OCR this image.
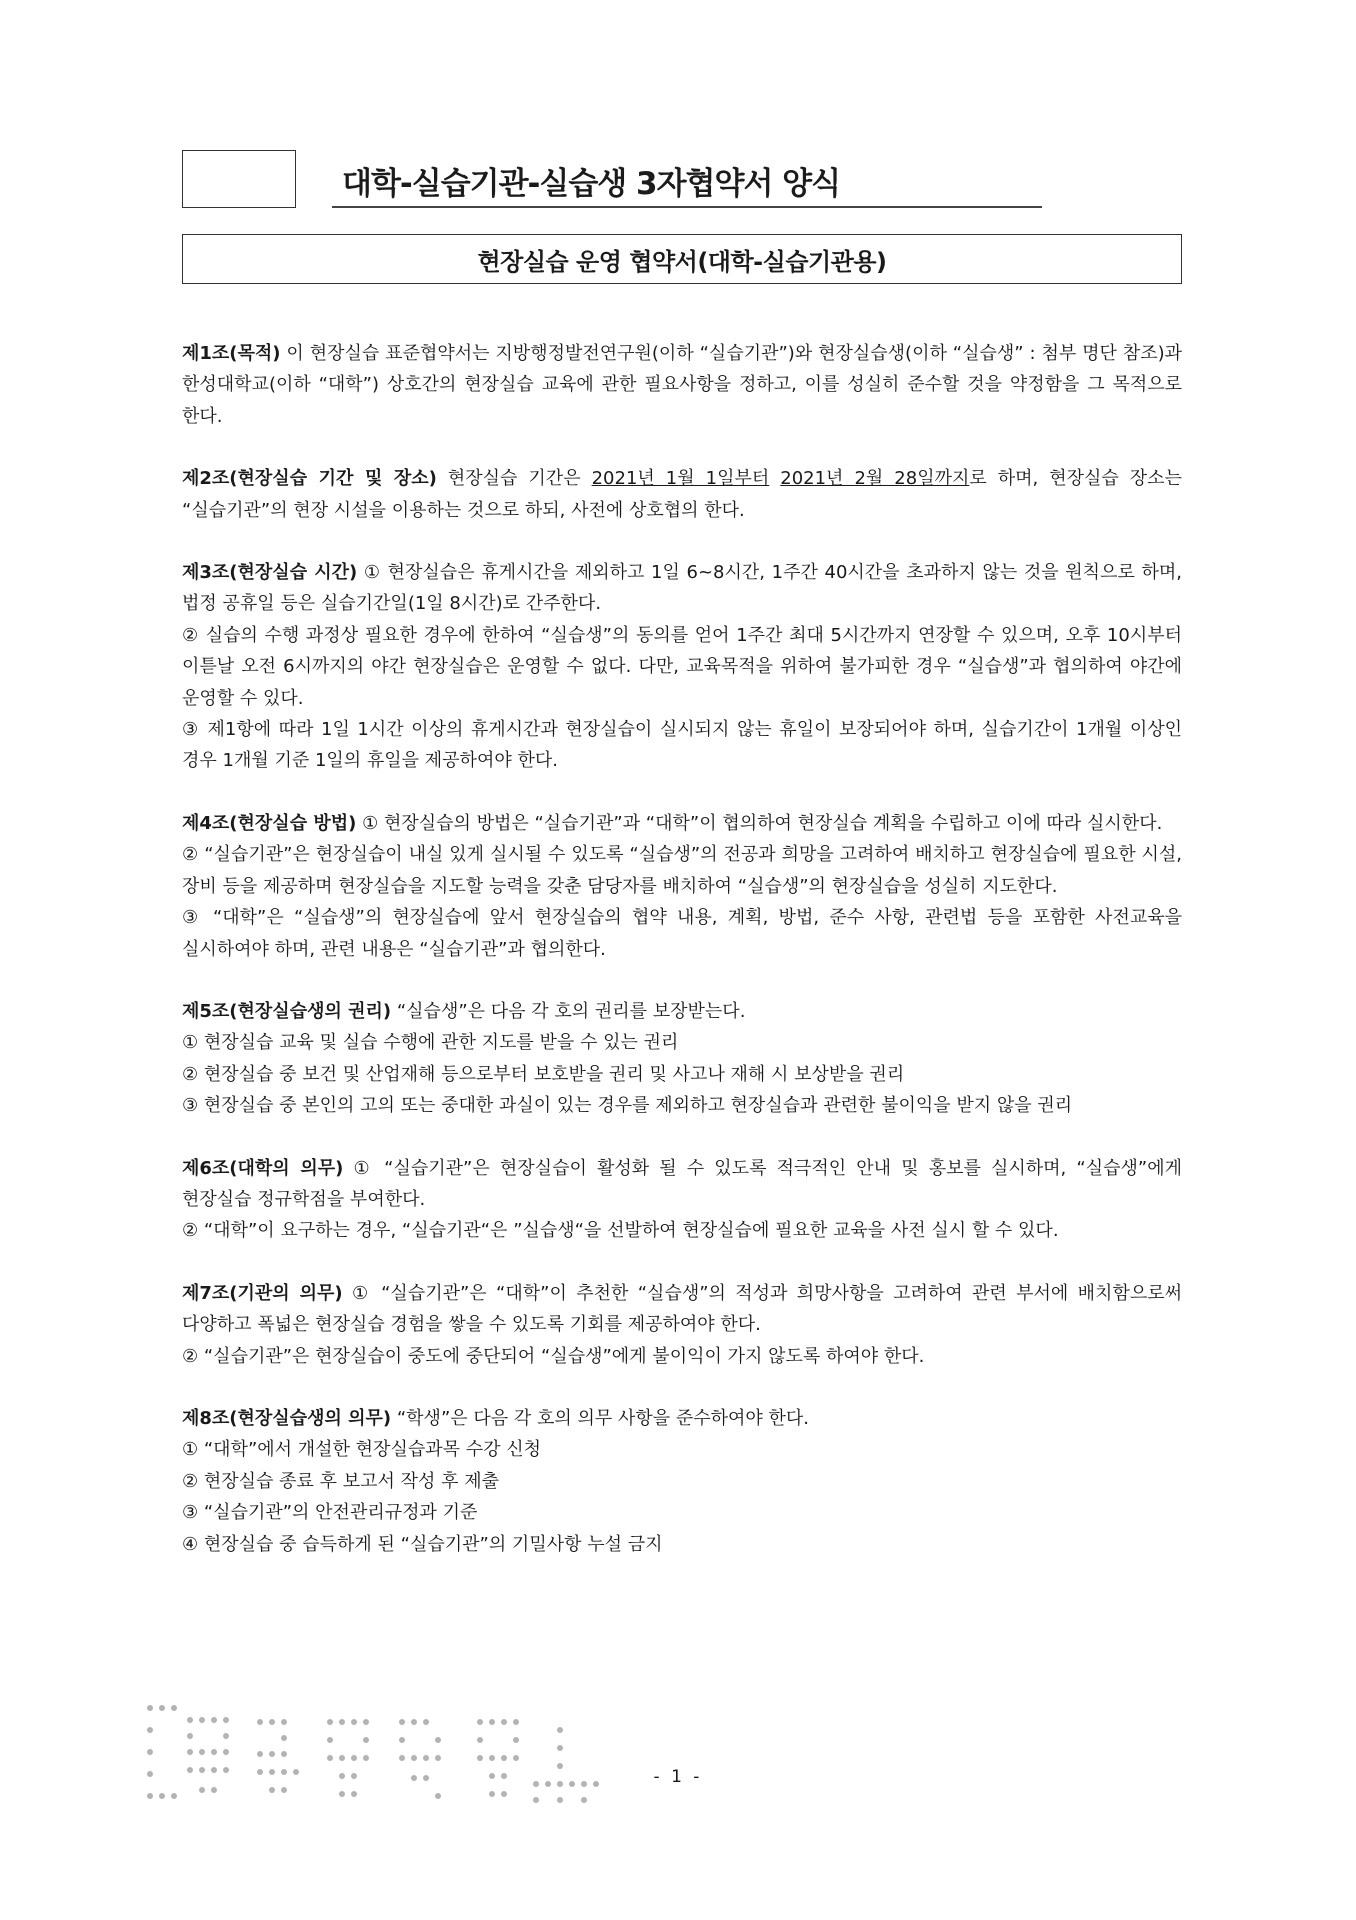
대학-실습기관-실습생 3자협약서 양식
현장실습 운영 협약서(대학-실습기관용)

제1조(목적) 이 현장실습 표준협약서는 지방행정발전연구원(이하 “실습기관”)와 현장실습생(이하 “실습생” : 첨부 명단 참조)과 한성대학교(이하 “대학”) 상호간의 현장실습 교육에 관한 필요사항을 정하고, 이를 성실히 준수할 것을 약정함을 그 목적으로 한다.

제2조(현장실습 기간 및 장소) 현장실습 기간은 2021년 1월 1일부터 2021년 2월 28일까지로 하며, 현장실습 장소는 “실습기관”의 현장 시설을 이용하는 것으로 하되, 사전에 상호협의 한다.

제3조(현장실습 시간) ① 현장실습은 휴게시간을 제외하고 1일 6~8시간, 1주간 40시간을 초과하지 않는 것을 원칙으로 하며, 법정 공휴일 등은 실습기간일(1일 8시간)로 간주한다.

② 실습의 수행 과정상 필요한 경우에 한하여 “실습생”의 동의를 얻어 1주간 최대 5시간까지 연장할 수 있으며, 오후 10시부터 이튿날 오전 6시까지의 야간 현장실습은 운영할 수 없다. 다만, 교육목적을 위하여 불가피한 경우 “실습생”과 협의하여 야간에 운영할 수 있다.

③ 제1항에 따라 1일 1시간 이상의 휴게시간과 현장실습이 실시되지 않는 휴일이 보장되어야 하며, 실습기간이 1개월 이상인 경우 1개월 기준 1일의 휴일을 제공하여야 한다.

제4조(현장실습 방법) ① 현장실습의 방법은 “실습기관”과 “대학”이 협의하여 현장실습 계획을 수립하고 이에 따라 실시한다.

② “실습기관”은 현장실습이 내실 있게 실시될 수 있도록 “실습생”의 전공과 희망을 고려하여 배치하고 현장실습에 필요한 시설, 장비 등을 제공하며 현장실습을 지도할 능력을 갖춘 담당자를 배치하여 “실습생”의 현장실습을 성실히 지도한다.

③ “대학”은 “실습생”의 현장실습에 앞서 현장실습의 협약 내용, 계획, 방법, 준수 사항, 관련법 등을 포함한 사전교육을 실시하여야 하며, 관련 내용은 “실습기관”과 협의한다.

제5조(현장실습생의 권리) “실습생”은 다음 각 호의 권리를 보장받는다.

① 현장실습 교육 및 실습 수행에 관한 지도를 받을 수 있는 권리

② 현장실습 중 보건 및 산업재해 등으로부터 보호받을 권리 및 사고나 재해 시 보상받을 권리

③ 현장실습 중 본인의 고의 또는 중대한 과실이 있는 경우를 제외하고 현장실습과 관련한 불이익을 받지 않을 권리

제6조(대학의 의무) ① “실습기관”은 현장실습이 활성화 될 수 있도록 적극적인 안내 및 홍보를 실시하며, “실습생”에게 현장실습 정규학점을 부여한다.

② “대학”이 요구하는 경우, “실습기관“은 ”실습생“을 선발하여 현장실습에 필요한 교육을 사전 실시 할 수 있다.

제7조(기관의 의무) ① “실습기관”은 “대학”이 추천한 “실습생”의 적성과 희망사항을 고려하여 관련 부서에 배치함으로써 다양하고 폭넓은 현장실습 경험을 쌓을 수 있도록 기회를 제공하여야 한다.

② “실습기관”은 현장실습이 중도에 중단되어 “실습생”에게 불이익이 가지 않도록 하여야 한다.

제8조(현장실습생의 의무) “학생”은 다음 각 호의 의무 사항을 준수하여야 한다.

① “대학”에서 개설한 현장실습과목 수강 신청

② 현장실습 종료 후 보고서 작성 후 제출

③ “실습기관”의 안전관리규정과 기준

④ 현장실습 중 습득하게 된 “실습기관”의 기밀사항 누설 금지

- 1 -
